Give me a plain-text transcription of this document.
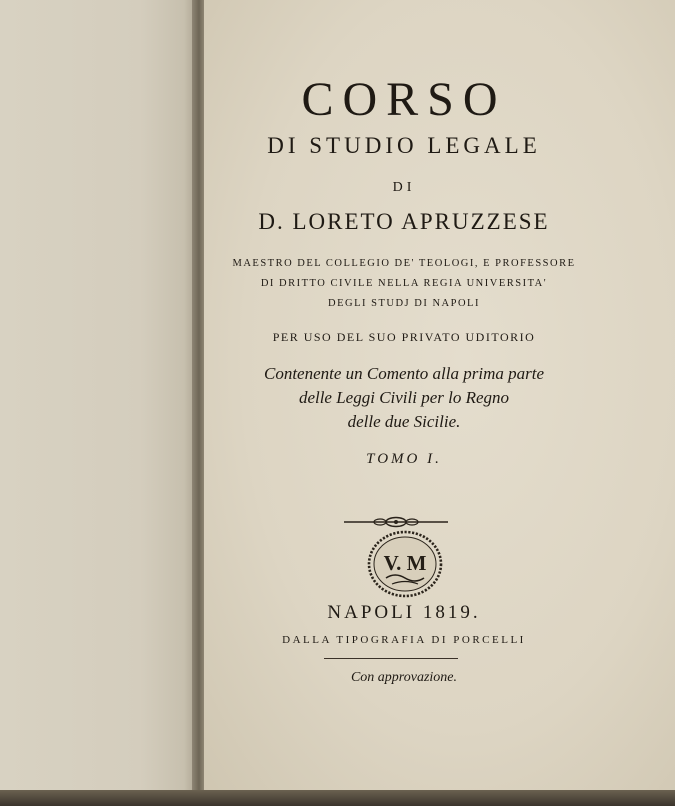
CORSO
DI STUDIO LEGALE
DI
D. LORETO APRUZZESE
MAESTRO DEL COLLEGIO DE' TEOLOGI, E PROFESSORE
DI DRITTO CIVILE NELLA REGIA UNIVERSITA'
DEGLI STUDJ DI NAPOLI
PER USO DEL SUO PRIVATO UDITORIO
Contenente un Comento alla prima parte
delle Leggi Civili per lo Regno
delle due Sicilie.
TOMO I.
V. M
NAPOLI 1819.
DALLA TIPOGRAFIA DI PORCELLI
Con approvazione.
